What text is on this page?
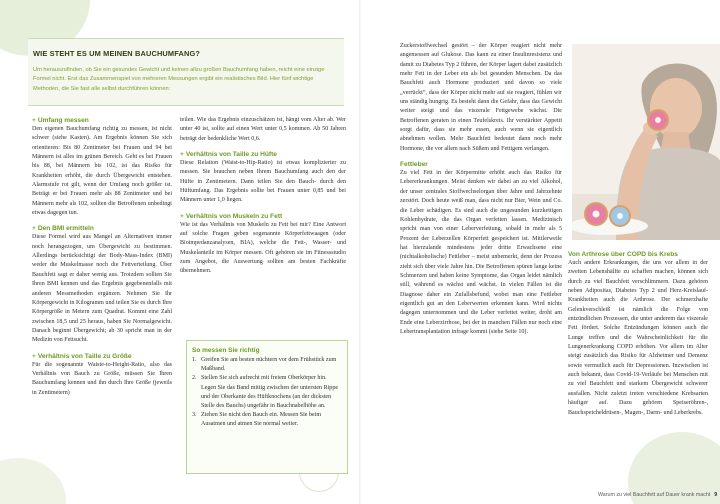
WIE STEHT ES UM MEINEN BAUCHUMFANG?
Um herauszufinden, ob Sie ein gesundes Gewicht und keinen allzu großen Bauchumfang haben, reicht eine einzige Formel nicht. Erst das Zusammenspiel von mehreren Messungen ergibt ein realistisches Bild. Hier fünf wichtige Methoden, die Sie fast alle selbst durchführen können:
+ Umfang messen
Den eigenen Bauchumfang richtig zu messen, ist nicht schwer (siehe Kasten). Am Ergebnis können Sie sich orientieren: Bis 80 Zentimeter bei Frauen und 94 bei Männern ist alles im grünen Bereich. Geht es bei Frauen bis 88, bei Männern bis 102, ist das Risiko für Krankheiten erhöht, die durch Übergewicht entstehen. Alarmstufe rot gilt, wenn der Umfang noch größer ist. Beträgt er bei Frauen mehr als 88 Zentimeter und bei Männern mehr als 102, sollten die Betroffenen unbedingt etwas dagegen tun.
+ Den BMI ermitteln
Diese Formel wird aus Mangel an Alternativen immer noch herangezogen, um Übergewicht zu bestimmen. Allerdings berücksichtigt der Body-Mass-Index (BMI) weder die Muskelmasse noch die Fettverteilung. Über Bauchfett sagt er daher wenig aus. Trotzdem sollten Sie Ihren BMI kennen und das Ergebnis gegebenenfalls mit anderen Messmethoden ergänzen. Nehmen Sie Ihr Körpergewicht in Kilogramm und teilen Sie es durch Ihre Körpergröße in Metern zum Quadrat. Kommt eine Zahl zwischen 18,5 und 25 heraus, haben Sie Normalgewicht. Danach beginnt Übergewicht; ab 30 spricht man in der Medizin von Fettsucht.
+ Verhältnis von Taille zu Größe
Für die sogenannte Waiste-to-Height-Ratio, also das Verhältnis von Bauch zu Größe, müssen Sie Ihren Bauchumfang kennen und ihn durch Ihre Größe (jeweils in Zentimetern)
teilen. Wie das Ergebnis einzuschätzen ist, hängt vom Alter ab. Wer unter 40 ist, sollte auf einen Wert unter 0,5 kommen. Ab 50 Jahren beträgt der bedenkliche Wert 0,6.
+ Verhältnis von Taille zu Hüfte
Diese Relation (Waist-to-Hip-Ratio) ist etwas komplizierter zu messen. Sie brauchen neben Ihrem Bauchumfang auch den der Hüfte in Zentimetern. Dann teilen Sie den Bauch- durch den Hüftumfang. Das Ergebnis sollte bei Frauen unter 0,85 und bei Männern unter 1,0 liegen.
+ Verhältnis von Muskeln zu Fett
Wie ist das Verhältnis von Muskeln zu Fett bei mir? Eine Antwort auf solche Fragen geben sogenannte Körperfettwaagen (oder Bioimpedanzanalysen, BIA), welche die Fett-, Wasser- und Muskelanteile im Körper messen. Oft gehören sie im Fitnessstudio zum Angebot, die Auswertung sollten am besten Fachkräfte übernehmen.
So messen Sie richtig
1. Greifen Sie am besten nüchtern vor dem Frühstück zum Maßband.
2. Stellen Sie sich aufrecht mit freiem Oberkörper hin. Legen Sie das Band mittig zwischen der untersten Rippe und der Oberkante des Hüftknochens (an der dicksten Stelle des Bauchs) ungefähr in Bauchnabelhöhe an.
3. Ziehen Sie nicht den Bauch ein. Messen Sie beim Ausatmen und atmen Sie normal weiter.
Zuckerstoffwechsel gestört – der Körper reagiert nicht mehr angemessen auf Glukose. Das kann zu einer Insulinresistenz und damit zu Diabetes Typ 2 führen, der Körper lagert dabei zusätzlich mehr Fett in der Leber ein als bei gesunden Menschen. Da das Bauchfett auch Hormone produziert und davon so viele „verrückt“, dass der Körper nicht mehr auf sie reagiert, fühlen wir uns ständig hungrig. Es besteht dann die Gefahr, dass das Gewicht weiter steigt und das viszerale Fettgewebe wächst. Die Betroffenen geraten in einen Teufelskreis. Ihr verstärkter Appetit sorgt dafür, dass sie mehr essen, auch wenn sie eigentlich abnehmen wollen. Mehr Bauchfett bedeutet dann noch mehr Hormone, die vor allem nach Süßem und Fettigem verlangen.
Fettleber
Zu viel Fett in der Körpermitte erhöht auch das Risiko für Lebererkrankungen. Meist denken wir dabei an zu viel Alkohol, der unser zentrales Stoffwechselorgan über Jahre und Jahrzehnte zerstört. Doch heute weiß man, dass nicht nur Bier, Wein und Co. die Leber schädigen. Es sind auch die ungesunden kurzkettigen Kohlenhydrate, die das Organ verfetten lassen. Medizinisch spricht man von einer Leberverfettung, sobald in mehr als 5 Prozent der Leberzellen Körperfett gespeichert ist. Mittlerweile hat hierzulande mindestens jeder dritte Erwachsene eine (nichtalkoholische) Fettleber – meist unbemerkt, denn der Prozess zieht sich über viele Jahre hin. Die Betroffenen spüren lange keine Schmerzen und haben keine Symptome, das Organ leidet nämlich still, während es wächst und wächst. In vielen Fällen ist die Diagnose daher ein Zufallsbefund, wobei man eine Fettleber eigentlich gut an den Leberwerten erkennen kann. Wird nichts dagegen unternommen und die Leber verfettet weiter, droht am Ende eine Leberzirrhose, bei der in manchen Fällen nur noch eine Lebertransplantation infrage kommt (siehe Seite 10).
Von Arthrose über COPD bis Krebs
Auch andere Erkrankungen, die uns vor allem in der zweiten Lebenshälfte zu schaffen machen, können sich durch zu viel Bauchfett verschlimmern. Dazu gehören neben Adipositas, Diabetes Typ 2 und Herz-Kreislauf-Krankheiten auch die Arthrose. Der schmerzhafte Gelenkverschleiß ist nämlich die Folge von entzündlichen Prozessen, die unter anderem das viszerale Fett fördert. Solche Entzündungen können auch die Lunge treffen und die Wahrscheinlichkeit für die Lungenerkrankung COPD erhöhen. Vor allem im Alter steigt zusätzlich das Risiko für Alzheimer und Demenz sowie vermutlich auch für Depressionen. Inzwischen ist auch bekannt, dass Covid-19-Verläufe bei Menschen mit zu viel Bauchfett und starkem Übergewicht schwerer ausfallen. Nicht zuletzt treten verschiedene Krebsarten häufiger auf. Dazu gehören Speiseröhren-, Bauchspeicheldrüsen-, Magen-, Darm- und Leberkrebs.
Warum zu viel Bauchfett auf Dauer krank macht 9
